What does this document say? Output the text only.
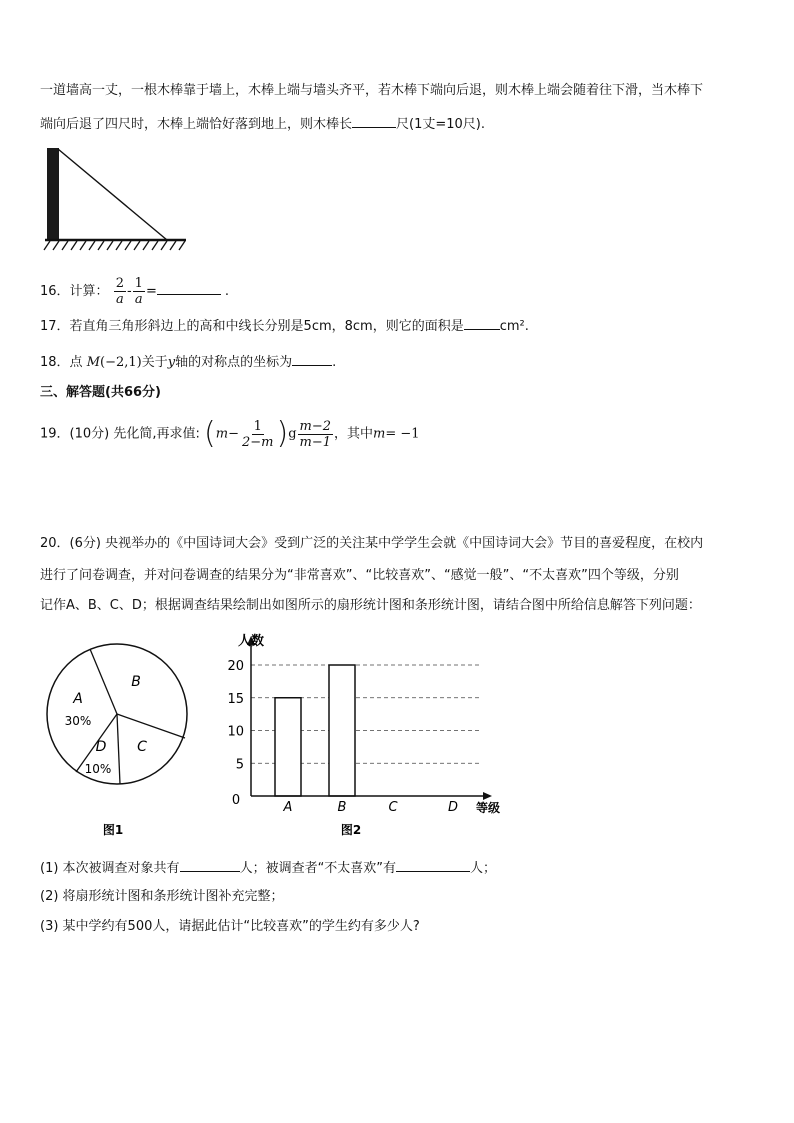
一道墙高一丈，一根木棒靠于墙上，木棒上端与墙头齐平，若木棒下端向后退，则木棒上端会随着往下滑，当木棒下
端向后退了四尺时，木棒上端恰好落到地上，则木棒长	尺(1丈=10尺).
16．计算： $\frac{2}{a} - \frac{1}{a}$ =	.
17．若直角三角形斜边上的高和中线长分别是5cm，8cm，则它的面积是	cm².
18．点 M(−2,1)关于y轴的对称点的坐标为	.
三、解答题(共66分)
19．(10分) 先化简,再求值: $(m- \frac{1}{2-m} )g \frac{m-2}{m-1}$ ，其中m= −1
20．(6分) 央视举办的《中国诗词大会》受到广泛的关注某中学学生会就《中国诗词大会》节目的喜爱程度，在校内
进行了问卷调查，并对问卷调查的结果分为“非常喜欢”、“比较喜欢”、“感觉一般”、“不太喜欢”四个等级，分别
记作A、B、C、D；根据调查结果绘制出如图所示的扇形统计图和条形统计图，请结合图中所给信息解答下列问题：
A
30%
B
C
D
10%
图1
0
5
10
15
20
A	B	C	D
人数
等级
图2
(1) 本次被调查对象共有	人；被调查者“不太喜欢”有	人；
(2) 将扇形统计图和条形统计图补充完整；
(3) 某中学约有500人，请据此估计“比较喜欢”的学生约有多少人?
